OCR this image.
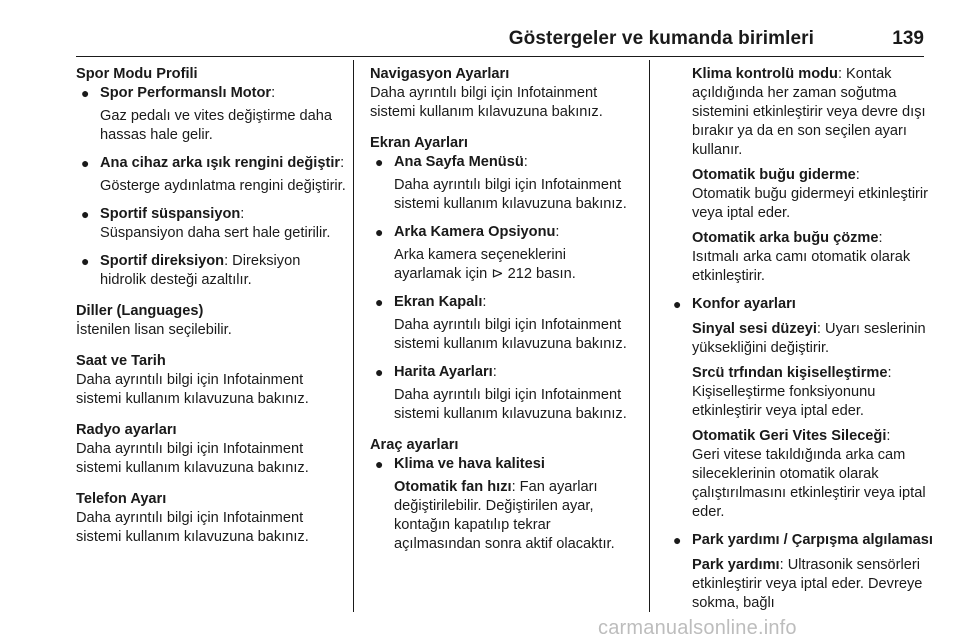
Göstergeler ve kumanda birimleri	139
Spor Modu Profili
● Spor Performanslı Motor:
Gaz pedalı ve vites değiştirme daha hassas hale gelir.
● Ana cihaz arka ışık rengini değiştir:
Gösterge aydınlatma rengini değiştirir.
● Sportif süspansiyon:
Süspansiyon daha sert hale getirilir.
● Sportif direksiyon: Direksiyon hidrolik desteği azaltılır.
Diller (Languages)
İstenilen lisan seçilebilir.
Saat ve Tarih
Daha ayrıntılı bilgi için Infotainment sistemi kullanım kılavuzuna bakınız.
Radyo ayarları
Daha ayrıntılı bilgi için Infotainment sistemi kullanım kılavuzuna bakınız.
Telefon Ayarı
Daha ayrıntılı bilgi için Infotainment sistemi kullanım kılavuzuna bakınız.
Navigasyon Ayarları
Daha ayrıntılı bilgi için Infotainment sistemi kullanım kılavuzuna bakınız.
Ekran Ayarları
● Ana Sayfa Menüsü:
Daha ayrıntılı bilgi için Infotainment sistemi kullanım kılavuzuna bakınız.
● Arka Kamera Opsiyonu:
Arka kamera seçeneklerini ayarlamak için ⊳ 212 basın.
● Ekran Kapalı:
Daha ayrıntılı bilgi için Infotainment sistemi kullanım kılavuzuna bakınız.
● Harita Ayarları:
Daha ayrıntılı bilgi için Infotainment sistemi kullanım kılavuzuna bakınız.
Araç ayarları
● Klima ve hava kalitesi
Otomatik fan hızı: Fan ayarları değiştirilebilir. Değiştirilen ayar, kontağın kapatılıp tekrar açılmasından sonra aktif olacaktır.
Klima kontrolü modu: Kontak açıldığında her zaman soğutma sistemini etkinleştirir veya devre dışı bırakır ya da en son seçilen ayarı kullanır.
Otomatik buğu giderme:
Otomatik buğu gidermeyi etkinleştirir veya iptal eder.
Otomatik arka buğu çözme:
Isıtmalı arka camı otomatik olarak etkinleştirir.
● Konfor ayarları
Sinyal sesi düzeyi: Uyarı seslerinin yüksekliğini değiştirir.
Srcü trfından kişiselleştirme:
Kişiselleştirme fonksiyonunu etkinleştirir veya iptal eder.
Otomatik Geri Vites Sileceği:
Geri vitese takıldığında arka cam sileceklerinin otomatik olarak çalıştırılmasını etkinleştirir veya iptal eder.
● Park yardımı / Çarpışma algılaması
Park yardımı: Ultrasonik sensörleri etkinleştirir veya iptal eder. Devreye sokma, bağlı
carmanualsonline.info
